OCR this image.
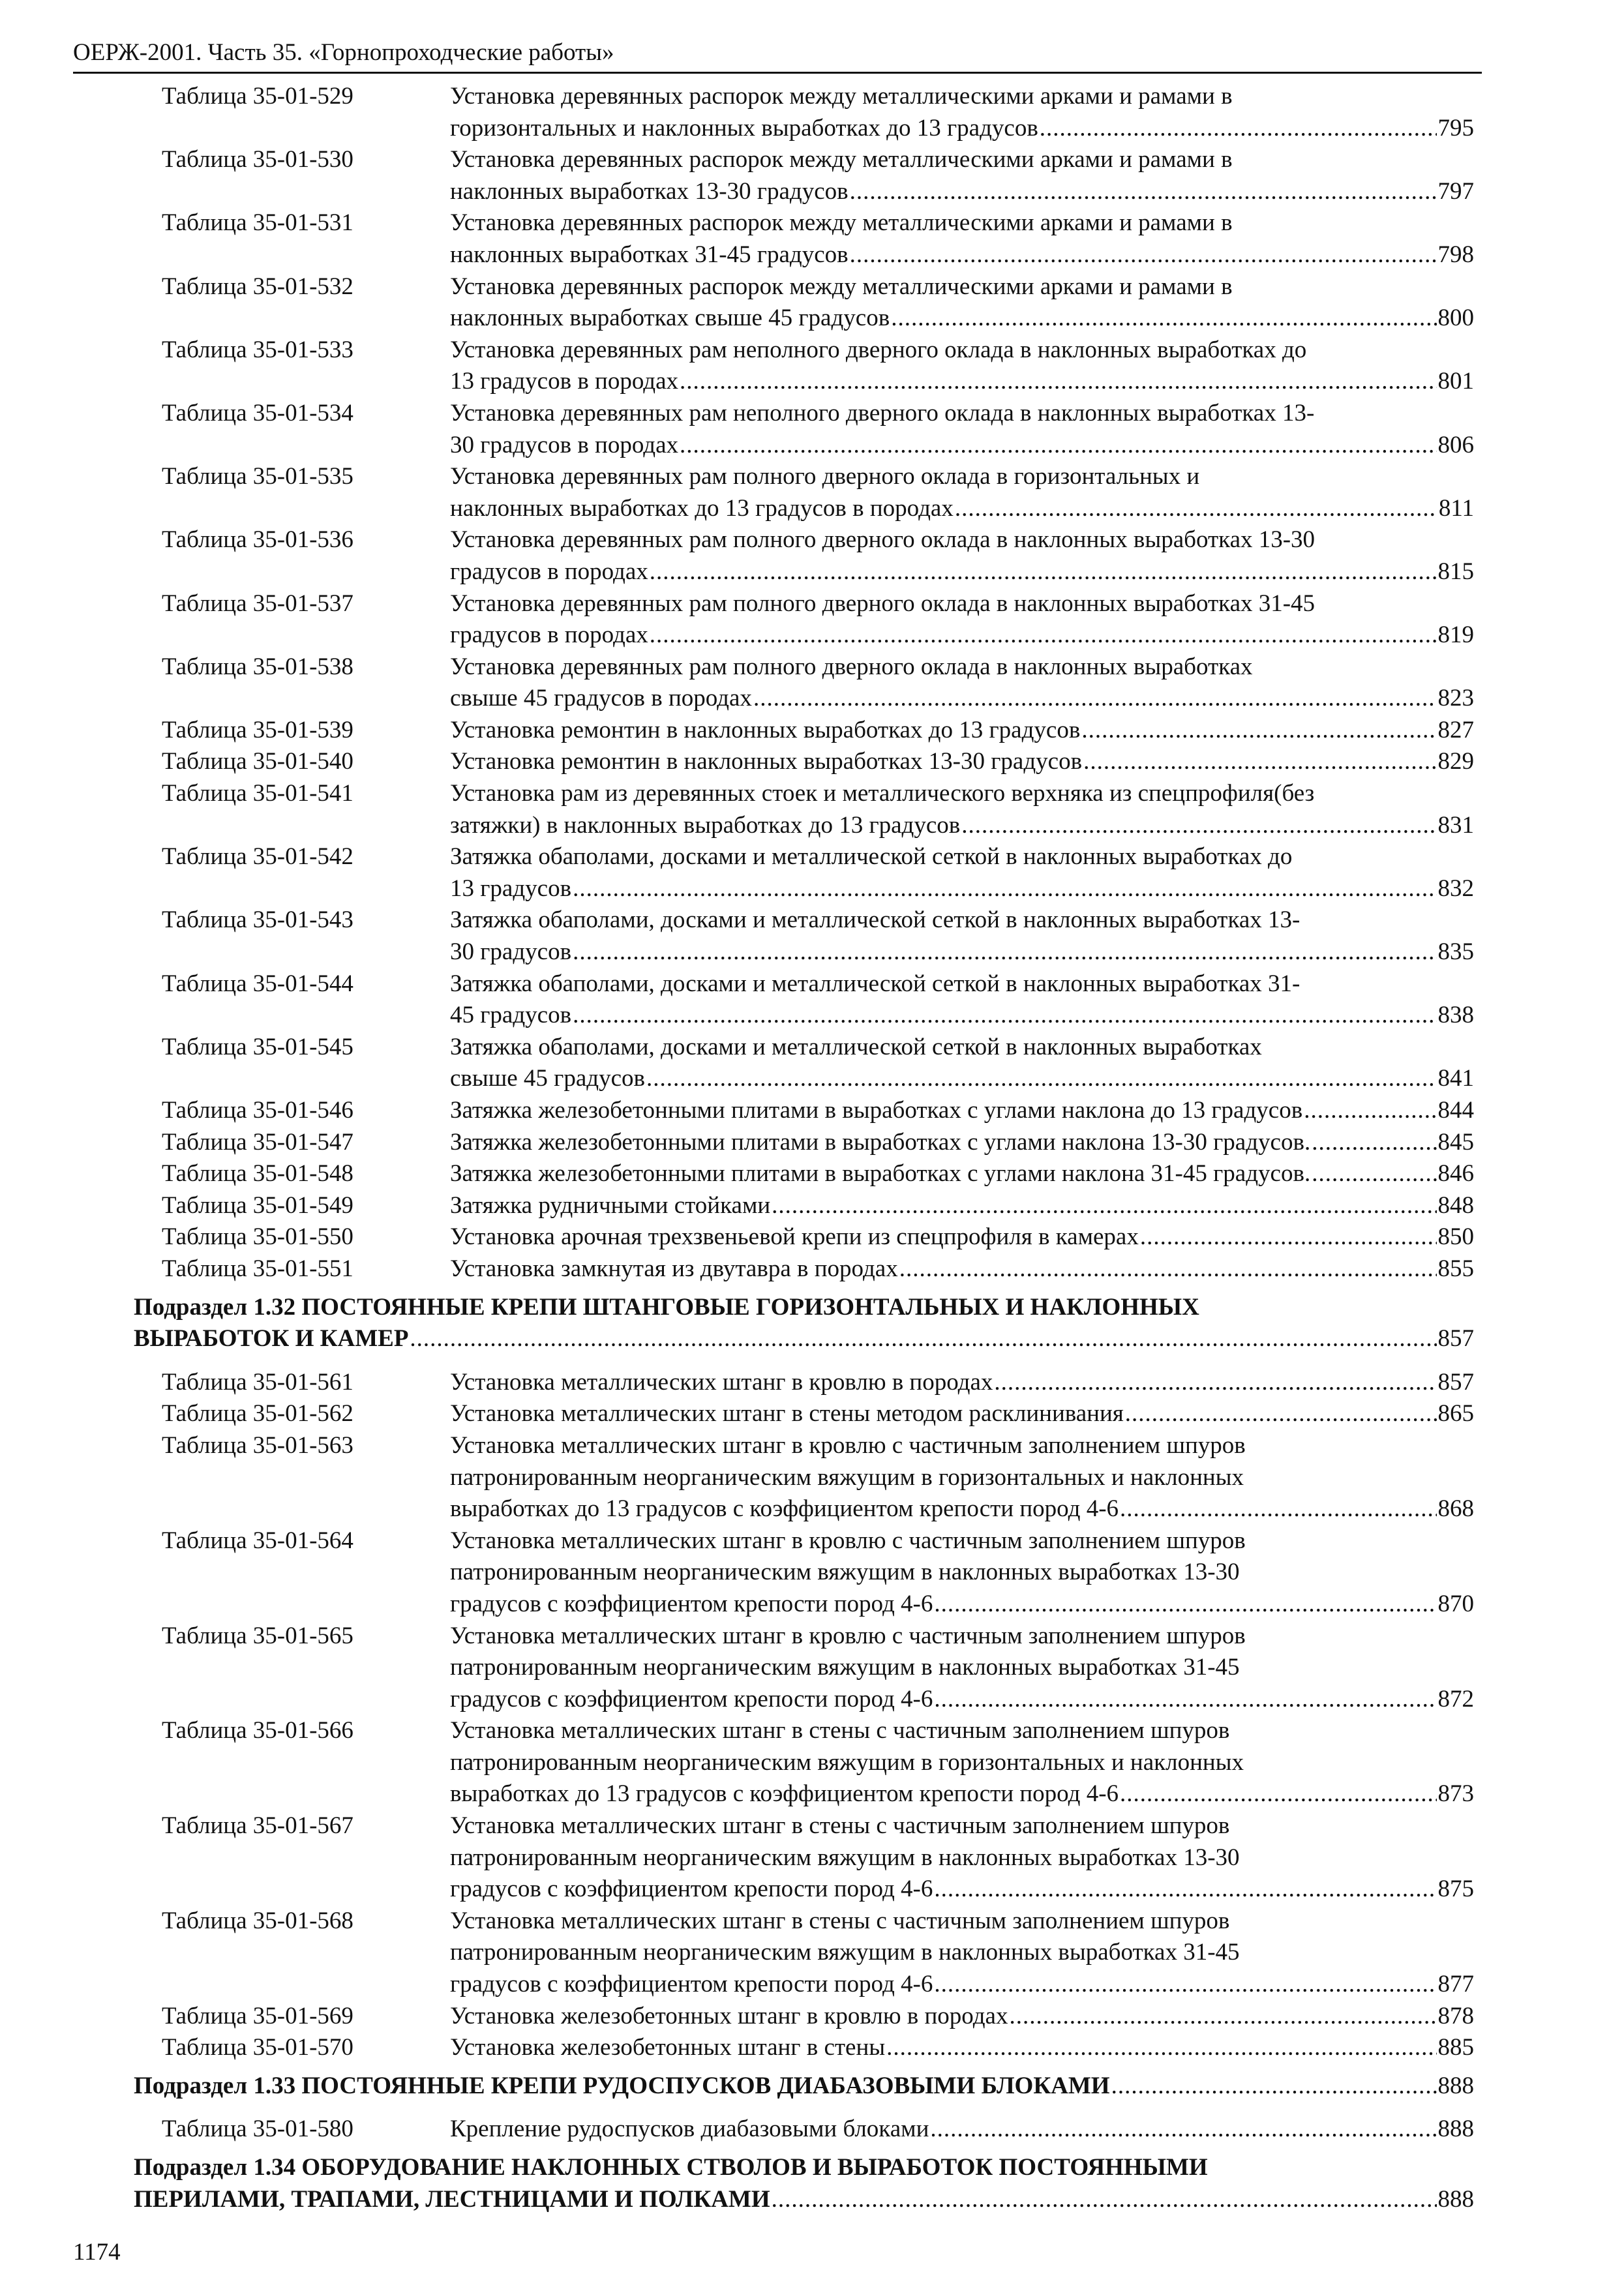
ОЕРЖ-2001. Часть 35. «Горнопроходческие работы»
Таблица 35-01-529	Установка деревянных распорок между металлическими арками и рамами в
горизонтальных и наклонных выработках до 13 градусов .....	795
Таблица 35-01-530	Установка деревянных распорок между металлическими арками и рамами в
наклонных выработках 13-30 градусов .....	797
Таблица 35-01-531	Установка деревянных распорок между металлическими арками и рамами в
наклонных выработках 31-45 градусов .....	798
Таблица 35-01-532	Установка деревянных распорок между металлическими арками и рамами в
наклонных выработках свыше 45 градусов .....	800
Таблица 35-01-533	Установка деревянных рам неполного дверного оклада в наклонных выработках до
13 градусов в породах .....	801
Таблица 35-01-534	Установка деревянных рам неполного дверного оклада в наклонных выработках 13-
30 градусов в породах .....	806
Таблица 35-01-535	Установка деревянных рам полного дверного оклада в горизонтальных и
наклонных выработках до 13 градусов в породах .....	811
Таблица 35-01-536	Установка деревянных рам полного дверного оклада в наклонных выработках 13-30
градусов в породах .....	815
Таблица 35-01-537	Установка деревянных рам полного дверного оклада в наклонных выработках 31-45
градусов в породах .....	819
Таблица 35-01-538	Установка деревянных рам полного дверного оклада в наклонных выработках
свыше 45 градусов в породах .....	823
Таблица 35-01-539	Установка ремонтин в наклонных выработках до 13 градусов .....	827
Таблица 35-01-540	Установка ремонтин в наклонных выработках 13-30 градусов .....	829
Таблица 35-01-541	Установка рам из деревянных стоек и металлического верхняка из спецпрофиля(без
затяжки) в наклонных выработках до 13 градусов .....	831
Таблица 35-01-542	Затяжка обаполами, досками и металлической сеткой в наклонных выработках до
13 градусов .....	832
Таблица 35-01-543	Затяжка обаполами, досками и металлической сеткой в наклонных выработках 13-
30 градусов .....	835
Таблица 35-01-544	Затяжка обаполами, досками и металлической сеткой в наклонных выработках 31-
45 градусов .....	838
Таблица 35-01-545	Затяжка обаполами, досками и металлической сеткой в наклонных выработках
свыше 45 градусов .....	841
Таблица 35-01-546	Затяжка железобетонными плитами в выработках с углами наклона до 13 градусов .....	844
Таблица 35-01-547	Затяжка железобетонными плитами в выработках с углами наклона 13-30 градусов. .....	845
Таблица 35-01-548	Затяжка железобетонными плитами в выработках с углами наклона 31-45 градусов. .....	846
Таблица 35-01-549	Затяжка рудничными стойками .....	848
Таблица 35-01-550	Установка арочная трехзвеньевой крепи из спецпрофиля в камерах .....	850
Таблица 35-01-551	Установка замкнутая из двутавра в породах .....	855
Подраздел 1.32 ПОСТОЯННЫЕ КРЕПИ ШТАНГОВЫЕ ГОРИЗОНТАЛЬНЫХ И НАКЛОННЫХ
ВЫРАБОТОК И КАМЕР .....	857
Таблица 35-01-561	Установка металлических штанг в кровлю в породах .....	857
Таблица 35-01-562	Установка металлических штанг в стены методом расклинивания .....	865
Таблица 35-01-563	Установка металлических штанг в кровлю с частичным заполнением шпуров
патронированным неорганическим вяжущим в горизонтальных и наклонных
выработках до 13 градусов с коэффициентом крепости пород 4-6 .....	868
Таблица 35-01-564	Установка металлических штанг в кровлю с частичным заполнением шпуров
патронированным неорганическим вяжущим в наклонных выработках 13-30
градусов с коэффициентом крепости пород 4-6 .....	870
Таблица 35-01-565	Установка металлических штанг в кровлю с частичным заполнением шпуров
патронированным неорганическим вяжущим в наклонных выработках 31-45
градусов с коэффициентом крепости пород 4-6 .....	872
Таблица 35-01-566	Установка металлических штанг в стены с частичным заполнением шпуров
патронированным неорганическим вяжущим в горизонтальных и наклонных
выработках до 13 градусов с коэффициентом крепости пород 4-6 .....	873
Таблица 35-01-567	Установка металлических штанг в стены с частичным заполнением шпуров
патронированным неорганическим вяжущим в наклонных выработках 13-30
градусов с коэффициентом крепости пород 4-6 .....	875
Таблица 35-01-568	Установка металлических штанг в стены с частичным заполнением шпуров
патронированным неорганическим вяжущим в наклонных выработках 31-45
градусов с коэффициентом крепости пород 4-6 .....	877
Таблица 35-01-569	Установка железобетонных штанг в кровлю в породах .....	878
Таблица 35-01-570	Установка железобетонных штанг в стены .....	885
Подраздел 1.33 ПОСТОЯННЫЕ КРЕПИ РУДОСПУСКОВ ДИАБАЗОВЫМИ БЛОКАМИ .....	888
Таблица 35-01-580	Крепление рудоспусков диабазовыми блоками .....	888
Подраздел 1.34 ОБОРУДОВАНИЕ НАКЛОННЫХ СТВОЛОВ И ВЫРАБОТОК ПОСТОЯННЫМИ
ПЕРИЛАМИ, ТРАПАМИ, ЛЕСТНИЦАМИ И ПОЛКАМИ .....	888
1174
